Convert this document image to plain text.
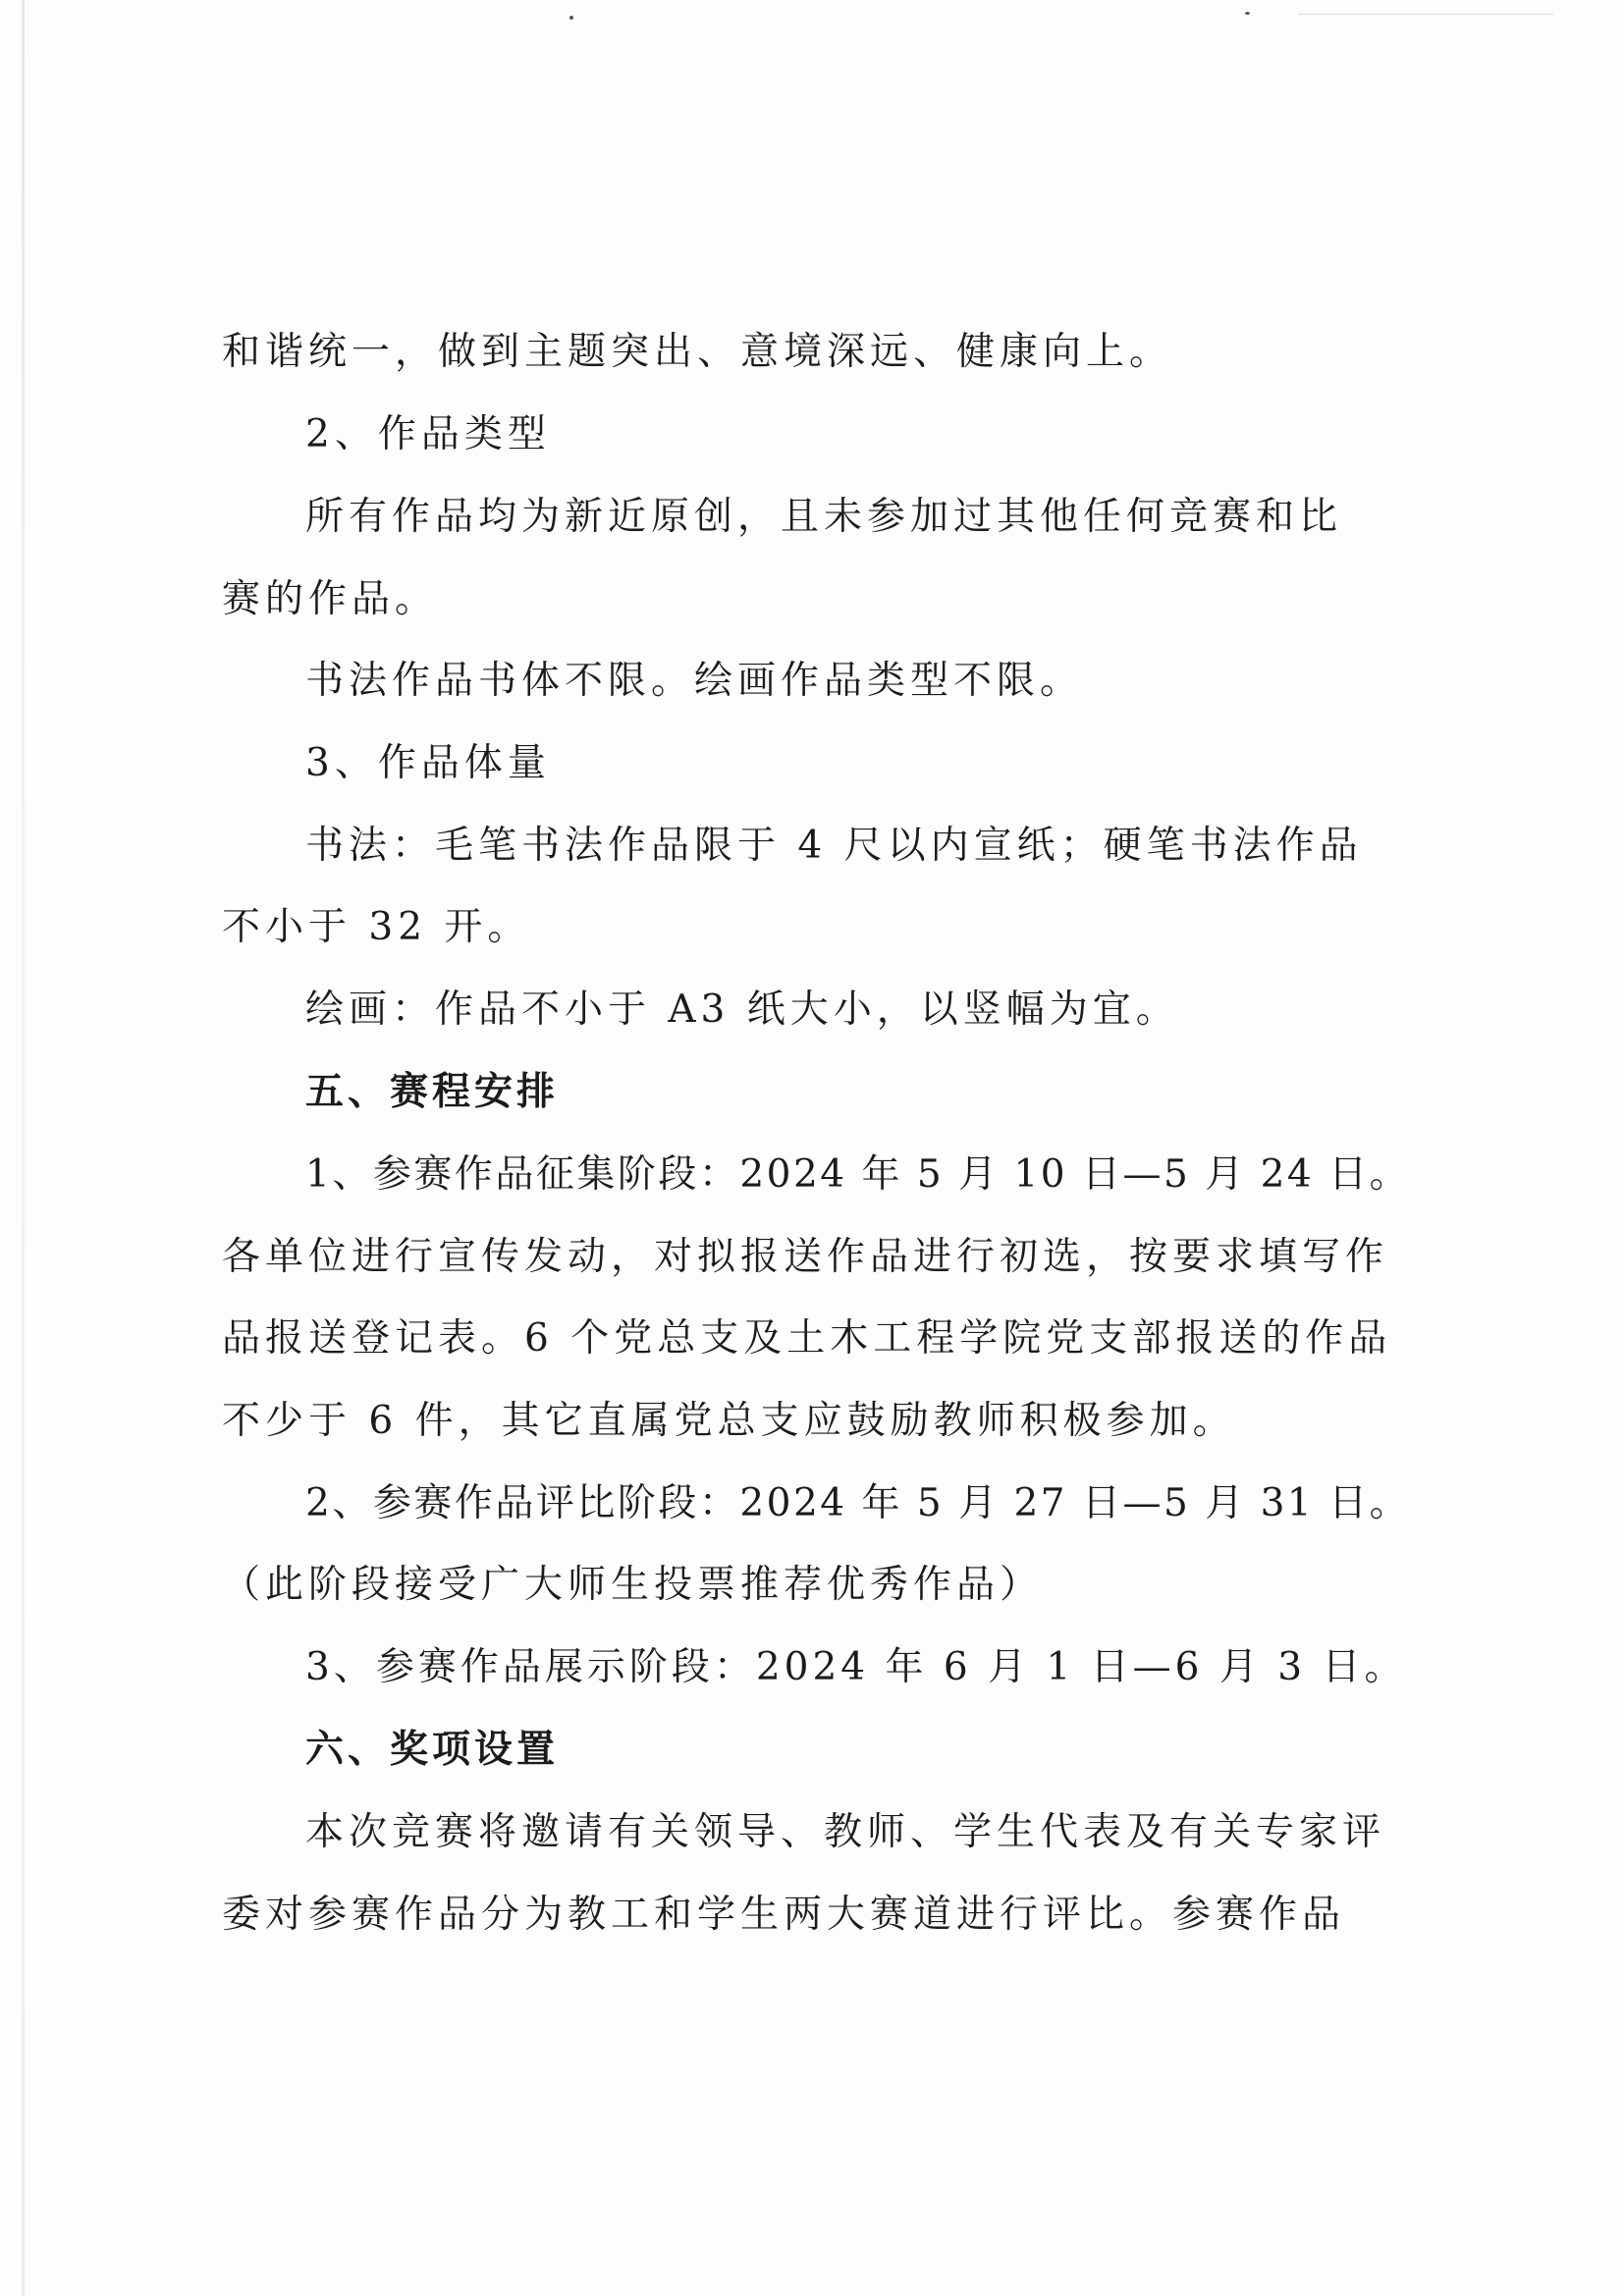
和谐统一，做到主题突出、意境深远、健康向上。
2、作品类型
所有作品均为新近原创，且未参加过其他任何竞赛和比
赛的作品。
书法作品书体不限。绘画作品类型不限。
3、作品体量
书法：毛笔书法作品限于 4 尺以内宣纸；硬笔书法作品
不小于 32 开。
绘画：作品不小于 A3 纸大小，以竖幅为宜。
五、赛程安排
1、参赛作品征集阶段：2024 年 5 月 10 日—5 月 24 日。
各单位进行宣传发动，对拟报送作品进行初选，按要求填写作
品报送登记表。6 个党总支及土木工程学院党支部报送的作品
不少于 6 件，其它直属党总支应鼓励教师积极参加。
2、参赛作品评比阶段：2024 年 5 月 27 日—5 月 31 日。
（此阶段接受广大师生投票推荐优秀作品）
3、参赛作品展示阶段：2024 年 6 月 1 日—6 月 3 日。
六、奖项设置
本次竞赛将邀请有关领导、教师、学生代表及有关专家评
委对参赛作品分为教工和学生两大赛道进行评比。参赛作品
